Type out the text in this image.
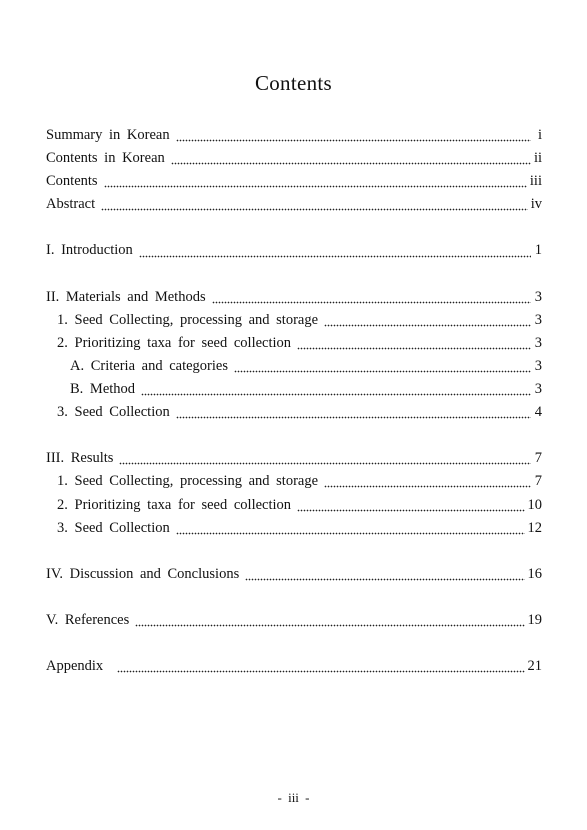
Contents
Summary in Korean	i
Contents in Korean	ii
Contents	iii
Abstract	iv
I. Introduction	1
II. Materials and Methods	3
1. Seed Collecting, processing and storage	3
2. Prioritizing taxa for seed collection	3
A. Criteria and categories	3
B. Method	3
3. Seed Collection	4
III. Results	7
1. Seed Collecting, processing and storage	7
2. Prioritizing taxa for seed collection	10
3. Seed Collection	12
IV. Discussion and Conclusions	16
V. References	19
Appendix	21
- iii -
